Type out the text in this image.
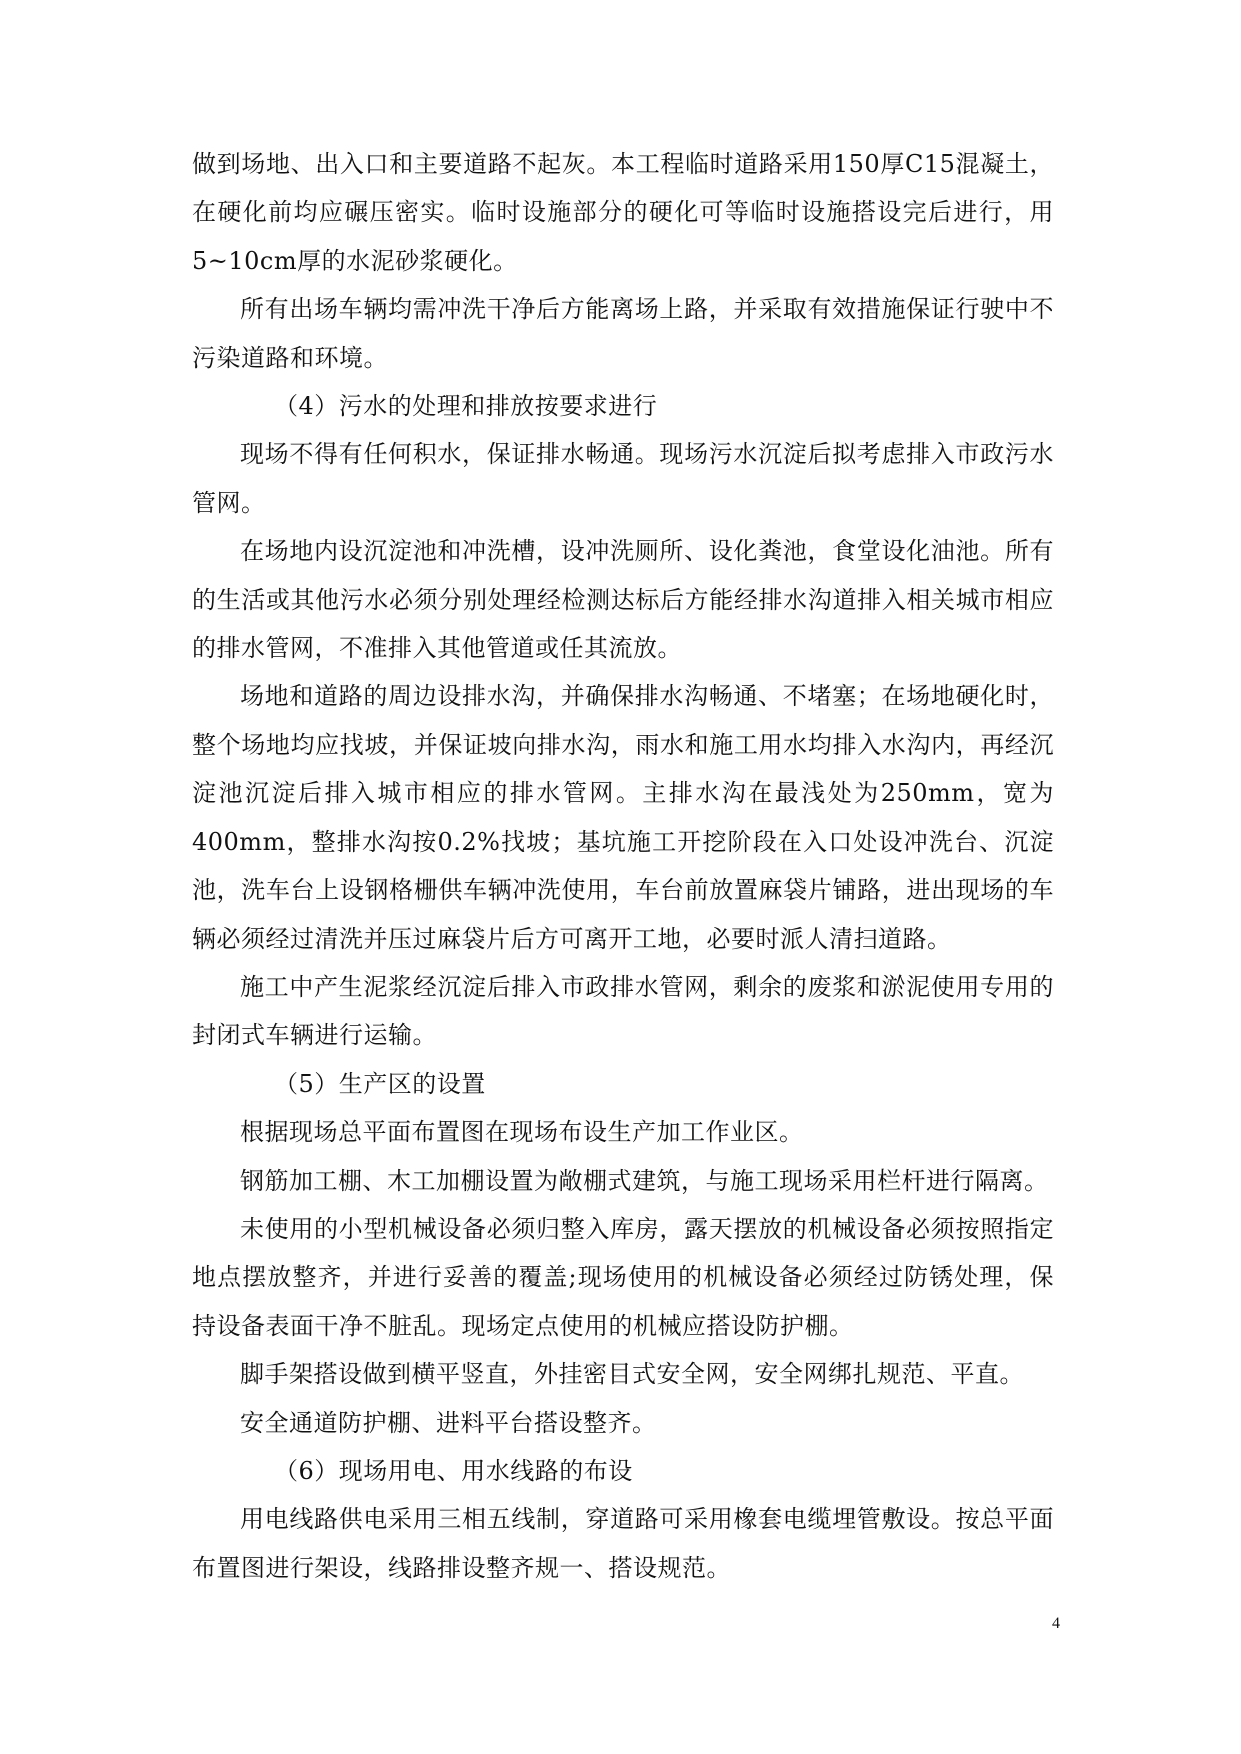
做到场地、出入口和主要道路不起灰。本工程临时道路采用150厚C15混凝土，在硬化前均应碾压密实。临时设施部分的硬化可等临时设施搭设完后进行，用5~10cm厚的水泥砂浆硬化。

所有出场车辆均需冲洗干净后方能离场上路，并采取有效措施保证行驶中不污染道路和环境。

（4）污水的处理和排放按要求进行

现场不得有任何积水，保证排水畅通。现场污水沉淀后拟考虑排入市政污水管网。

在场地内设沉淀池和冲洗槽，设冲洗厕所、设化粪池，食堂设化油池。所有的生活或其他污水必须分别处理经检测达标后方能经排水沟道排入相关城市相应的排水管网，不准排入其他管道或任其流放。

场地和道路的周边设排水沟，并确保排水沟畅通、不堵塞；在场地硬化时，整个场地均应找坡，并保证坡向排水沟，雨水和施工用水均排入水沟内，再经沉淀池沉淀后排入城市相应的排水管网。主排水沟在最浅处为250mm，宽为400mm，整排水沟按0.2%找坡；基坑施工开挖阶段在入口处设冲洗台、沉淀池，洗车台上设钢格栅供车辆冲洗使用，车台前放置麻袋片铺路，进出现场的车辆必须经过清洗并压过麻袋片后方可离开工地，必要时派人清扫道路。

施工中产生泥浆经沉淀后排入市政排水管网，剩余的废浆和淤泥使用专用的封闭式车辆进行运输。

（5）生产区的设置

根据现场总平面布置图在现场布设生产加工作业区。

钢筋加工棚、木工加棚设置为敞棚式建筑，与施工现场采用栏杆进行隔离。

未使用的小型机械设备必须归整入库房，露天摆放的机械设备必须按照指定地点摆放整齐，并进行妥善的覆盖;现场使用的机械设备必须经过防锈处理，保持设备表面干净不脏乱。现场定点使用的机械应搭设防护棚。

脚手架搭设做到横平竖直，外挂密目式安全网，安全网绑扎规范、平直。

安全通道防护棚、进料平台搭设整齐。

（6）现场用电、用水线路的布设

用电线路供电采用三相五线制，穿道路可采用橡套电缆埋管敷设。按总平面布置图进行架设，线路排设整齐规一、搭设规范。

4
